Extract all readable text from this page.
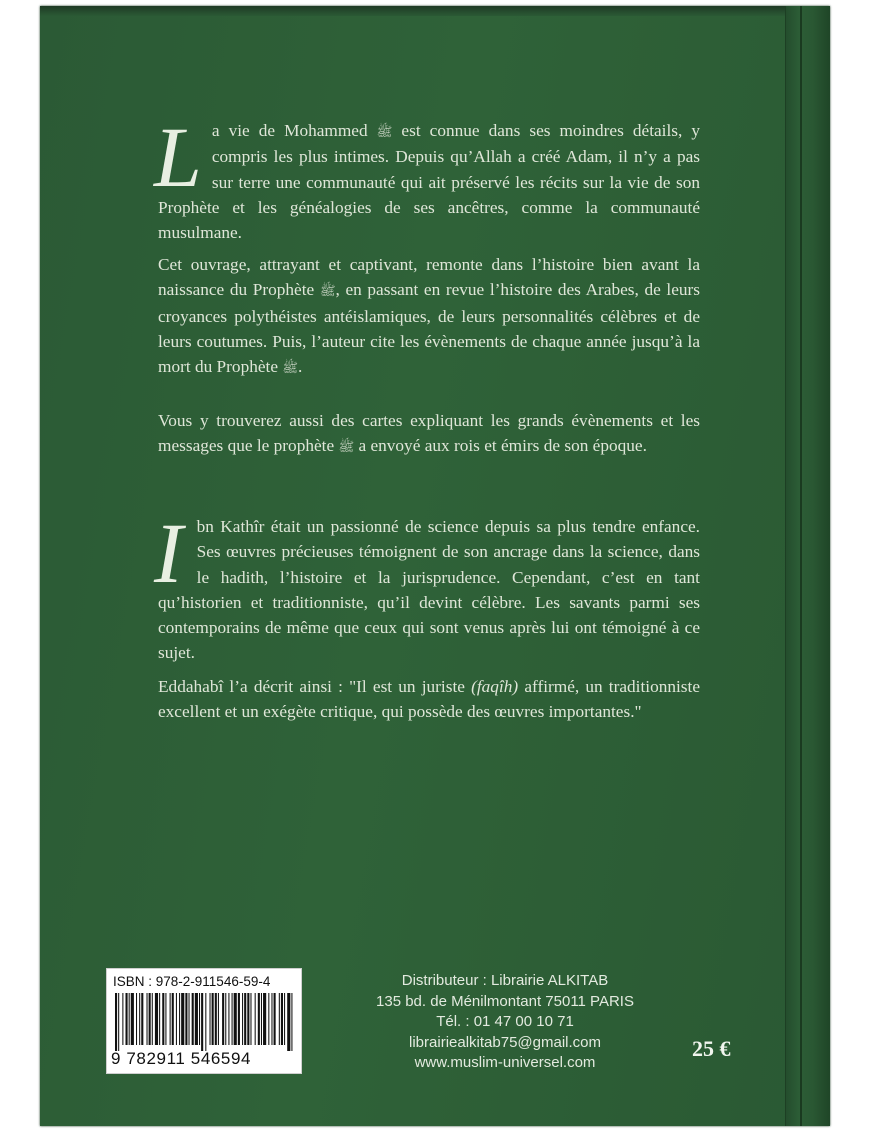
La vie de Mohammed ﷺ est connue dans ses moindres détails, y compris les plus intimes. Depuis qu’Allah a créé Adam, il n’y a pas sur terre une communauté qui ait préservé les récits sur la vie de son Prophète et les généalogies de ses ancêtres, comme la communauté musulmane.

Cet ouvrage, attrayant et captivant, remonte dans l’histoire bien avant la naissance du Prophète ﷺ, en passant en revue l’histoire des Arabes, de leurs croyances polythéistes antéislamiques, de leurs personnalités célèbres et de leurs coutumes. Puis, l’auteur cite les évènements de chaque année jusqu’à la mort du Prophète ﷺ.

Vous y trouverez aussi des cartes expliquant les grands évènements et les messages que le prophète ﷺ a envoyé aux rois et émirs de son époque.

Ibn Kathîr était un passionné de science depuis sa plus tendre enfance. Ses œuvres précieuses témoignent de son ancrage dans la science, dans le hadith, l’histoire et la jurisprudence. Cependant, c’est en tant qu’historien et traditionniste, qu’il devint célèbre. Les savants parmi ses contemporains de même que ceux qui sont venus après lui ont témoigné à ce sujet.

Eddahabî l’a décrit ainsi : "Il est un juriste (faqîh) affirmé, un traditionniste excellent et un exégète critique, qui possède des œuvres importantes."

ISBN : 978-2-911546-59-4
9 782911 546594
Distributeur : Librairie ALKITAB
135 bd. de Ménilmontant 75011 PARIS
Tél. : 01 47 00 10 71
librairiealkitab75@gmail.com
www.muslim-universel.com
25 €
